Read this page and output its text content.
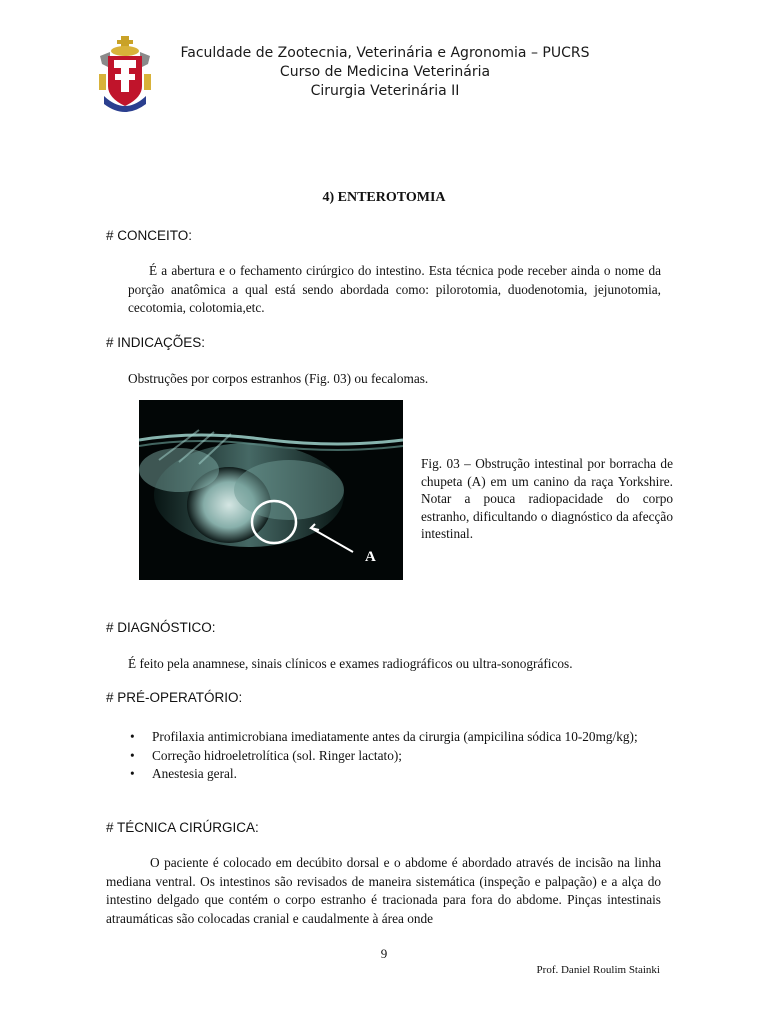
Faculdade de Zootecnia, Veterinária e Agronomia – PUCRS
Curso de Medicina Veterinária
Cirurgia Veterinária II
4) ENTEROTOMIA
# CONCEITO:
É a abertura e o fechamento cirúrgico do intestino. Esta técnica pode receber ainda o nome da porção anatômica a qual está sendo abordada como: pilorotomia, duodenotomia, jejunotomia, cecotomia, colotomia,etc.
# INDICAÇÕES:
Obstruções por corpos estranhos (Fig. 03) ou fecalomas.
A
Fig. 03 – Obstrução intestinal por borracha de chupeta (A) em um canino da raça Yorkshire. Notar a pouca radiopacidade do corpo estranho, dificultando o diagnóstico da afecção intestinal.
# DIAGNÓSTICO:
É feito pela anamnese, sinais clínicos e exames radiográficos ou ultra-sonográficos.
# PRÉ-OPERATÓRIO:
• Profilaxia antimicrobiana imediatamente antes da cirurgia (ampicilina sódica 10-20mg/kg);
• Correção hidroeletrolítica (sol. Ringer lactato);
• Anestesia geral.
# TÉCNICA CIRÚRGICA:
O paciente é colocado em decúbito dorsal e o abdome é abordado através de incisão na linha mediana ventral. Os intestinos são revisados de maneira sistemática (inspeção e palpação) e a alça do intestino delgado que contém o corpo estranho é tracionada para fora do abdome. Pinças intestinais atraumáticas são colocadas cranial e caudalmente à área onde
9
Prof. Daniel Roulim Stainki
